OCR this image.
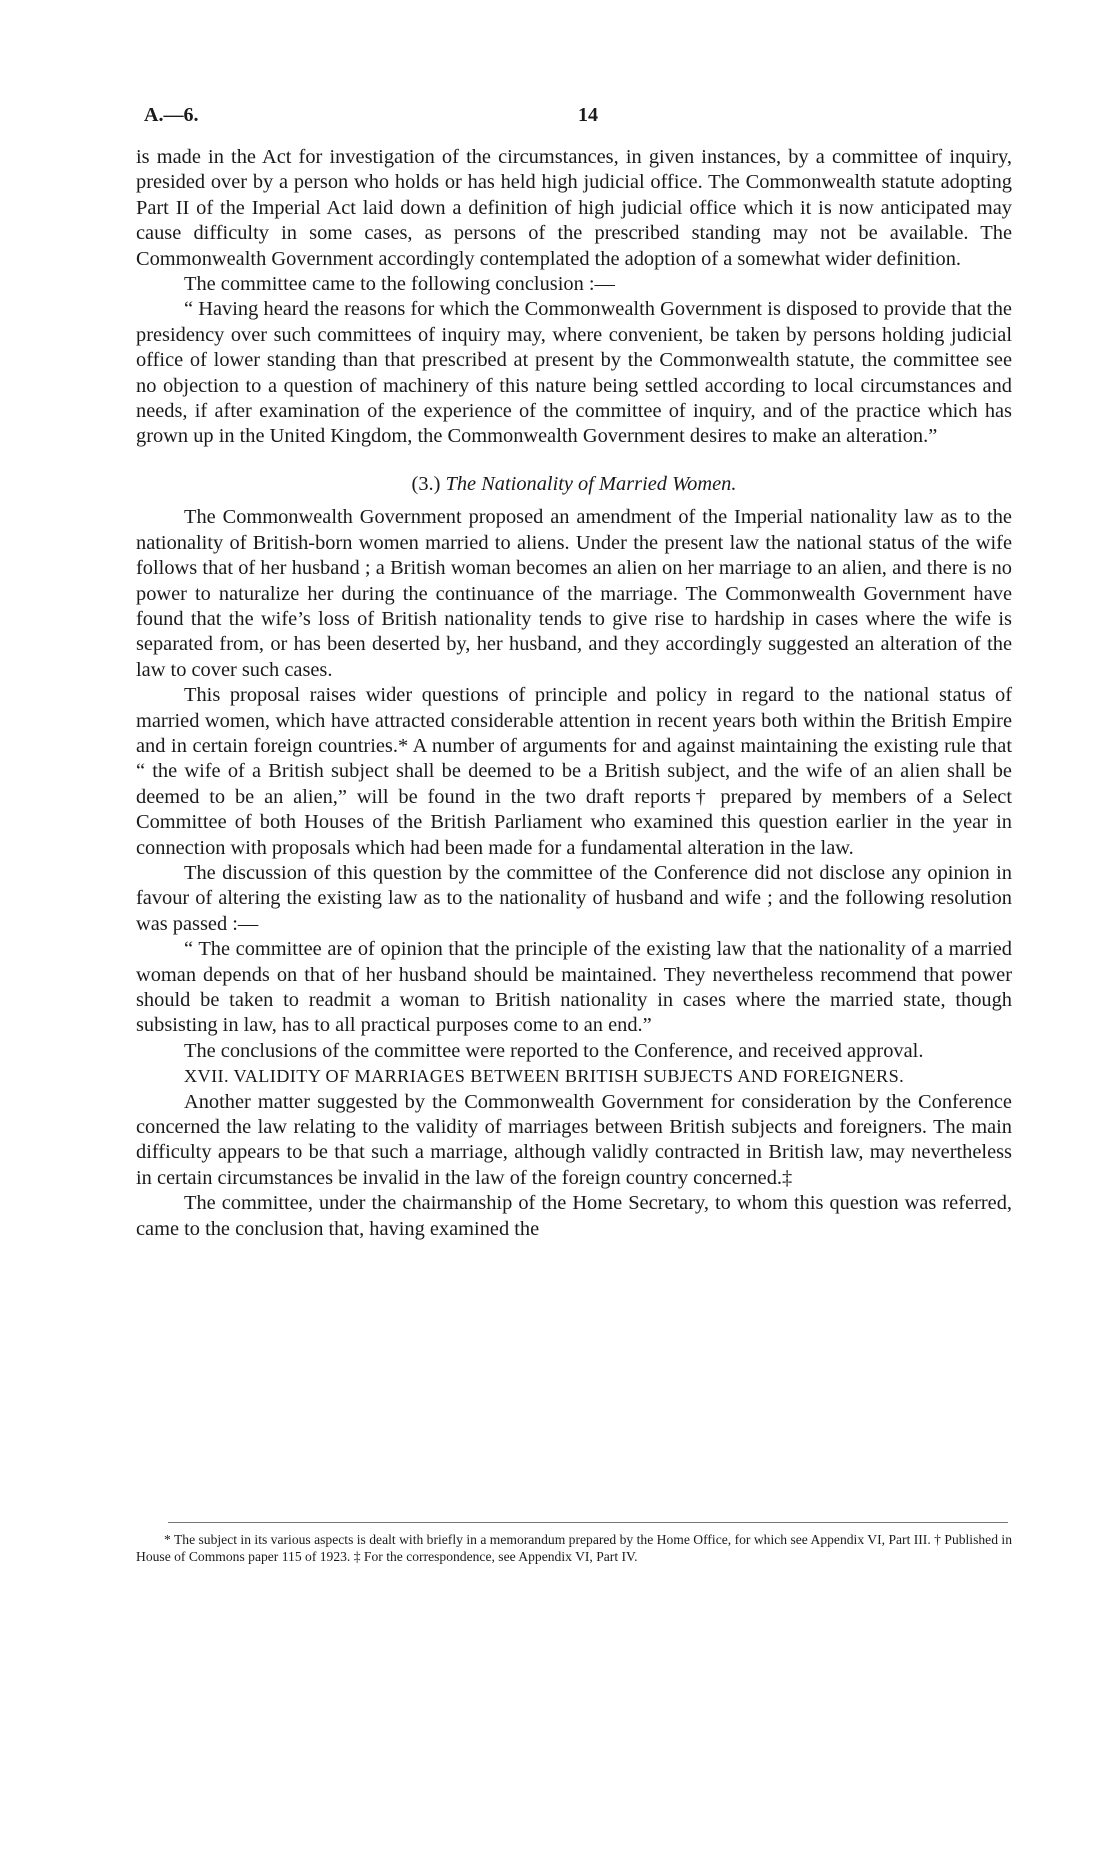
A.—6.	14

is made in the Act for investigation of the circumstances, in given instances, by a committee of inquiry, presided over by a person who holds or has held high judicial office. The Commonwealth statute adopting Part II of the Imperial Act laid down a definition of high judicial office which it is now anticipated may cause difficulty in some cases, as persons of the prescribed standing may not be available. The Commonwealth Government accordingly contemplated the adoption of a somewhat wider definition.

The committee came to the following conclusion :—

“ Having heard the reasons for which the Commonwealth Government is disposed to provide that the presidency over such committees of inquiry may, where convenient, be taken by persons holding judicial office of lower standing than that prescribed at present by the Commonwealth statute, the committee see no objection to a question of machinery of this nature being settled according to local circumstances and needs, if after examination of the experience of the committee of inquiry, and of the practice which has grown up in the United Kingdom, the Commonwealth Government desires to make an alteration.”

(3.) The Nationality of Married Women.

The Commonwealth Government proposed an amendment of the Imperial nationality law as to the nationality of British-born women married to aliens. Under the present law the national status of the wife follows that of her husband ; a British woman becomes an alien on her marriage to an alien, and there is no power to naturalize her during the continuance of the marriage. The Commonwealth Government have found that the wife’s loss of British nationality tends to give rise to hardship in cases where the wife is separated from, or has been deserted by, her husband, and they accordingly suggested an alteration of the law to cover such cases.

This proposal raises wider questions of principle and policy in regard to the national status of married women, which have attracted considerable attention in recent years both within the British Empire and in certain foreign countries.* A number of arguments for and against maintaining the existing rule that “ the wife of a British subject shall be deemed to be a British subject, and the wife of an alien shall be deemed to be an alien,” will be found in the two draft reports† prepared by members of a Select Committee of both Houses of the British Parliament who examined this question earlier in the year in connection with proposals which had been made for a fundamental alteration in the law.

The discussion of this question by the committee of the Conference did not disclose any opinion in favour of altering the existing law as to the nationality of husband and wife ; and the following resolution was passed :—

“ The committee are of opinion that the principle of the existing law that the nationality of a married woman depends on that of her husband should be maintained. They nevertheless recommend that power should be taken to readmit a woman to British nationality in cases where the married state, though subsisting in law, has to all practical purposes come to an end.”

The conclusions of the committee were reported to the Conference, and received approval.

XVII. VALIDITY OF MARRIAGES BETWEEN BRITISH SUBJECTS AND FOREIGNERS.

Another matter suggested by the Commonwealth Government for consideration by the Conference concerned the law relating to the validity of marriages between British subjects and foreigners. The main difficulty appears to be that such a marriage, although validly contracted in British law, may nevertheless in certain circumstances be invalid in the law of the foreign country concerned.‡

The committee, under the chairmanship of the Home Secretary, to whom this question was referred, came to the conclusion that, having examined the

* The subject in its various aspects is dealt with briefly in a memorandum prepared by the Home Office, for which see Appendix VI, Part III. † Published in House of Commons paper 115 of 1923. ‡ For the correspondence, see Appendix VI, Part IV.
